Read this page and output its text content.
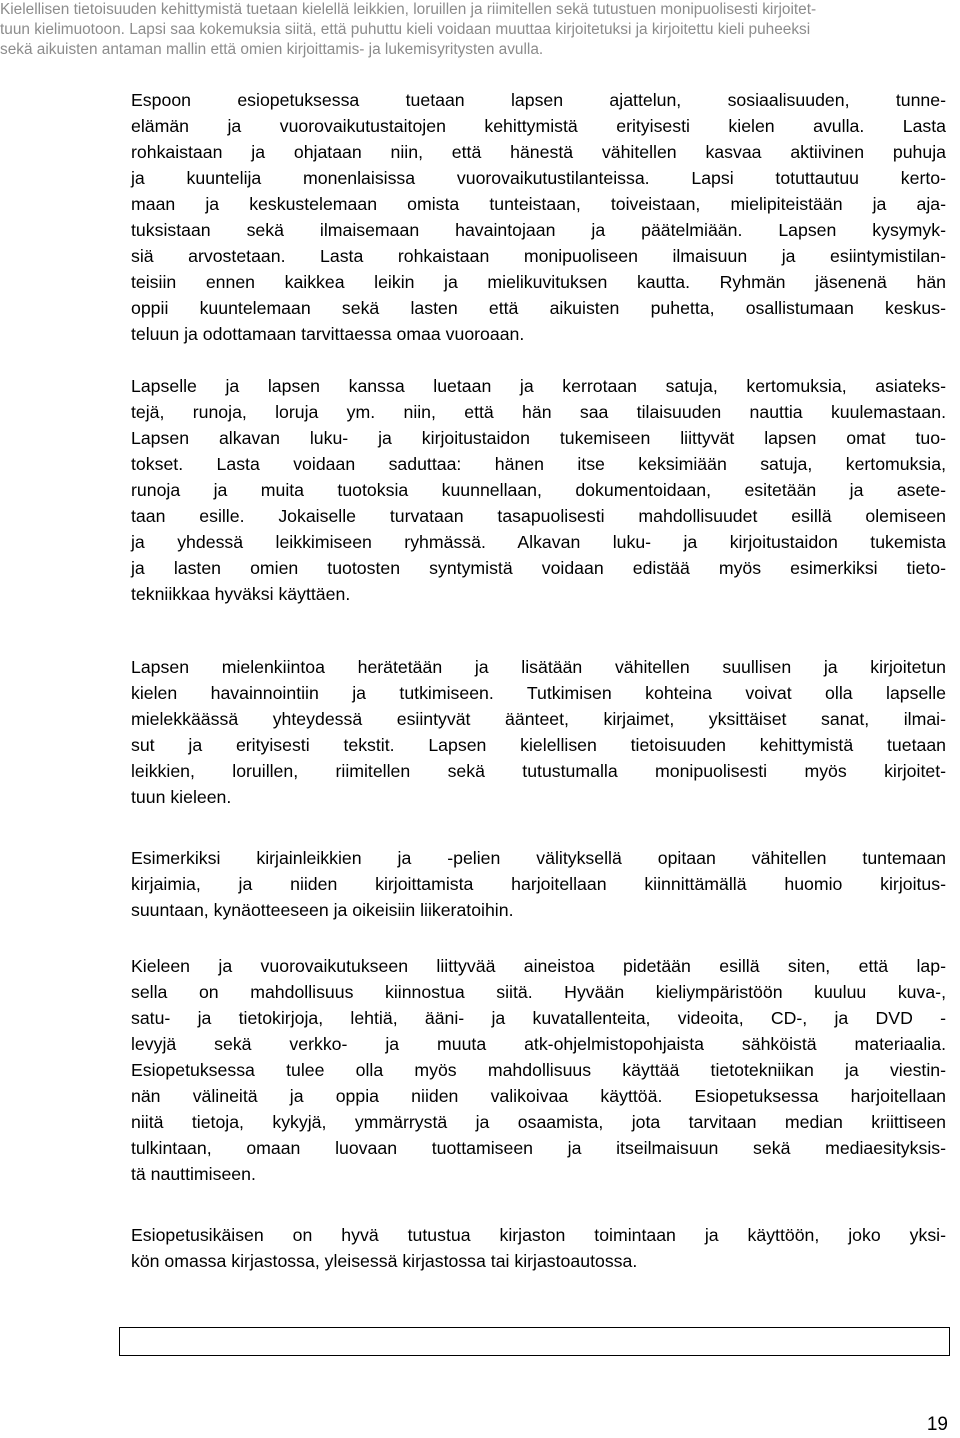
Kielellisen tietoisuuden kehittymistä tuetaan kielellä leikkien, loruillen ja riimitellen sekä tutustuen monipuolisesti kirjoitet-
tuun kielimuotoon. Lapsi saa kokemuksia siitä, että puhuttu kieli voidaan muuttaa kirjoitetuksi ja kirjoitettu kieli puheeksi
sekä aikuisten antaman mallin että omien kirjoittamis- ja lukemisyritysten avulla.
Espoon esiopetuksessa tuetaan lapsen ajattelun, sosiaalisuuden, tunne-
elämän ja vuorovaikutustaitojen kehittymistä erityisesti kielen avulla. Lasta
rohkaistaan ja ohjataan niin, että hänestä vähitellen kasvaa aktiivinen puhuja
ja kuuntelija monenlaisissa vuorovaikutustilanteissa. Lapsi totuttautuu kerto-
maan ja keskustelemaan omista tunteistaan, toiveistaan, mielipiteistään ja aja-
tuksistaan sekä ilmaisemaan havaintojaan ja päätelmiään. Lapsen kysymyk-
siä arvostetaan. Lasta rohkaistaan monipuoliseen ilmaisuun ja esiintymistilan-
teisiin ennen kaikkea leikin ja mielikuvituksen kautta. Ryhmän jäsenenä hän
oppii kuuntelemaan sekä lasten että aikuisten puhetta, osallistumaan keskus-
teluun ja odottamaan tarvittaessa omaa vuoroaan.
Lapselle ja lapsen kanssa luetaan ja kerrotaan satuja, kertomuksia, asiateks-
tejä, runoja, loruja ym. niin, että hän saa tilaisuuden nauttia kuulemastaan.
Lapsen alkavan luku- ja kirjoitustaidon tukemiseen liittyvät lapsen omat tuo-
tokset. Lasta voidaan saduttaa: hänen itse keksimiään satuja, kertomuksia,
runoja ja muita tuotoksia kuunnellaan, dokumentoidaan, esitetään ja asete-
taan esille. Jokaiselle turvataan tasapuolisesti mahdollisuudet esillä olemiseen
ja yhdessä leikkimiseen ryhmässä. Alkavan luku- ja kirjoitustaidon tukemista
ja lasten omien tuotosten syntymistä voidaan edistää myös esimerkiksi tieto-
tekniikkaa hyväksi käyttäen.
Lapsen mielenkiintoa herätetään ja lisätään vähitellen suullisen ja kirjoitetun
kielen havainnointiin ja tutkimiseen. Tutkimisen kohteina voivat olla lapselle
mielekkäässä yhteydessä esiintyvät äänteet, kirjaimet, yksittäiset sanat, ilmai-
sut ja erityisesti tekstit. Lapsen kielellisen tietoisuuden kehittymistä tuetaan
leikkien, loruillen, riimitellen sekä tutustumalla monipuolisesti myös kirjoitet-
tuun kieleen.
Esimerkiksi kirjainleikkien ja -pelien välityksellä opitaan vähitellen tuntemaan
kirjaimia, ja niiden kirjoittamista harjoitellaan kiinnittämällä huomio kirjoitus-
suuntaan, kynäotteeseen ja oikeisiin liikeratoihin.
Kieleen ja vuorovaikutukseen liittyvää aineistoa pidetään esillä siten, että lap-
sella on mahdollisuus kiinnostua siitä. Hyvään kieliympäristöön kuuluu kuva-,
satu- ja tietokirjoja, lehtiä, ääni- ja kuvatallenteita, videoita, CD-, ja DVD -
levyjä sekä verkko- ja muuta atk-ohjelmistopohjaista sähköistä materiaalia.
Esiopetuksessa tulee olla myös mahdollisuus käyttää tietotekniikan ja viestin-
nän välineitä ja oppia niiden valikoivaa käyttöä. Esiopetuksessa harjoitellaan
niitä tietoja, kykyjä, ymmärrystä ja osaamista, jota tarvitaan median kriittiseen
tulkintaan, omaan luovaan tuottamiseen ja itseilmaisuun sekä mediaesityksis-
tä nauttimiseen.
Esiopetusikäisen on hyvä tutustua kirjaston toimintaan ja käyttöön, joko yksi-
kön omassa kirjastossa, yleisessä kirjastossa tai kirjastoautossa.
19
